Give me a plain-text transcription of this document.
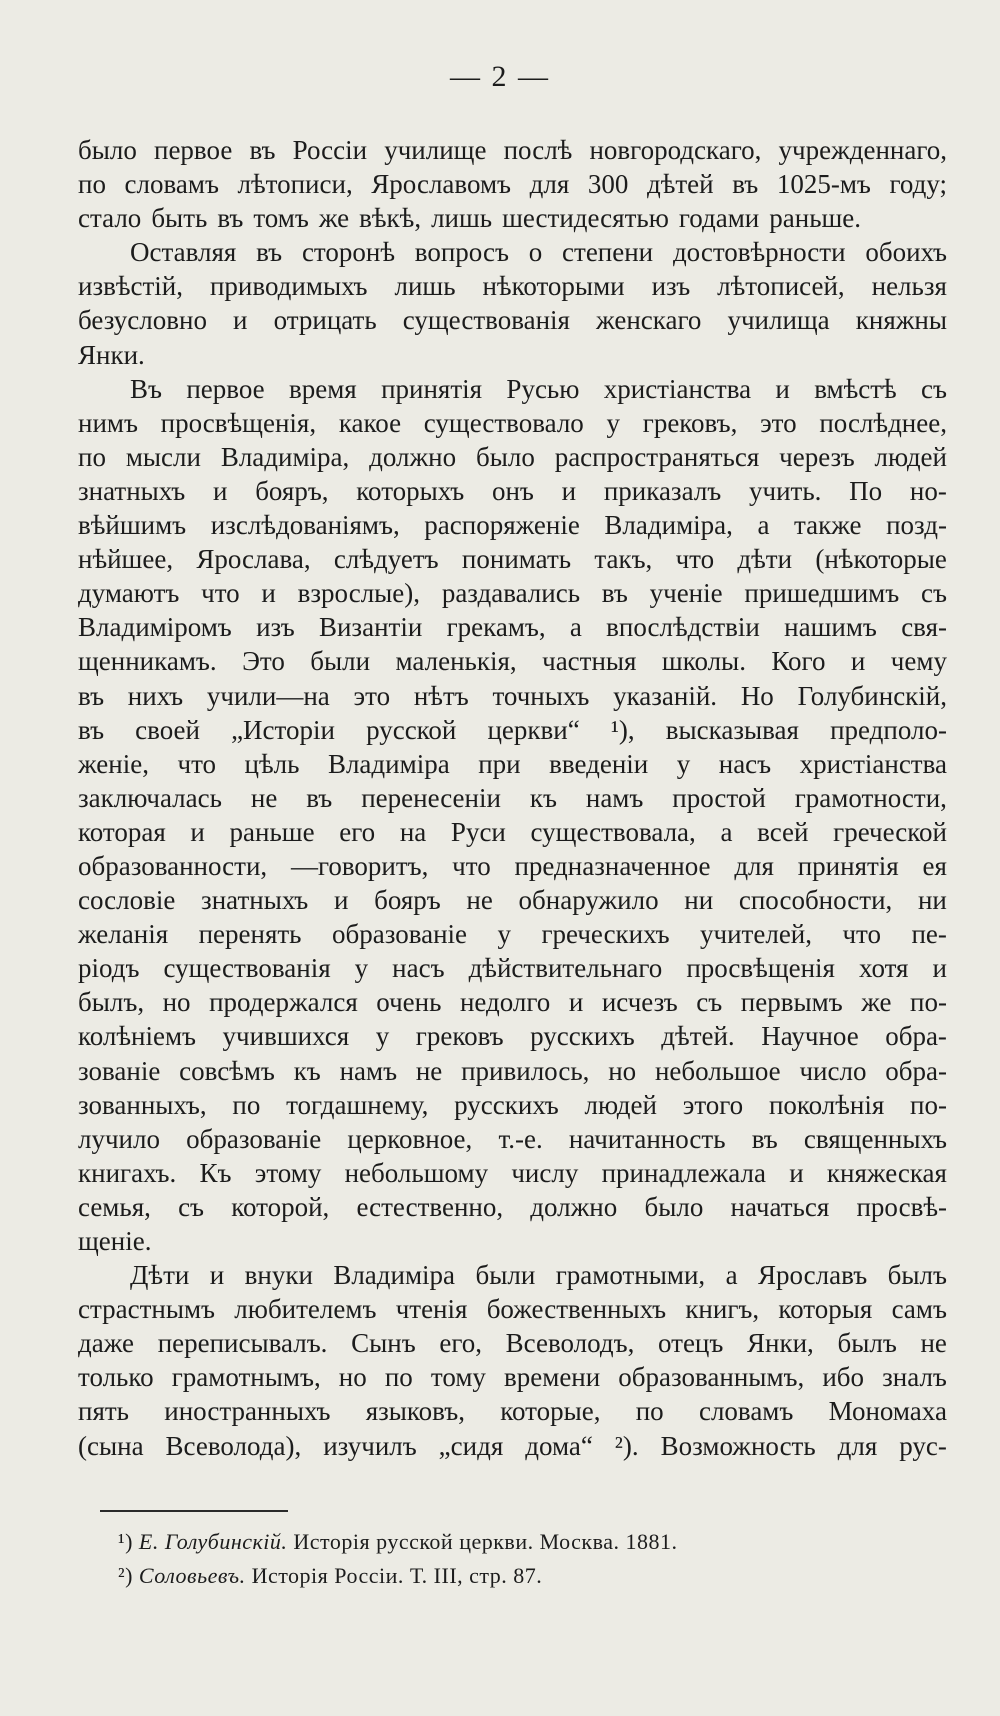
— 2 —
было первое въ Россіи училище послѣ новгородскаго, учрежденнаго,
по словамъ лѣтописи, Ярославомъ для 300 дѣтей въ 1025-мъ году;
стало быть въ томъ же вѣкѣ, лишь шестидесятью годами раньше.
Оставляя въ сторонѣ вопросъ о степени достовѣрности обоихъ
извѣстій, приводимыхъ лишь нѣкоторыми изъ лѣтописей, нельзя
безусловно и отрицать существованія женскаго училища княжны
Янки.
Въ первое время принятія Русью христіанства и вмѣстѣ съ
нимъ просвѣщенія, какое существовало у грековъ, это послѣднее,
по мысли Владиміра, должно было распространяться черезъ людей
знатныхъ и бояръ, которыхъ онъ и приказалъ учить. По но-
вѣйшимъ изслѣдованіямъ, распоряженіе Владиміра, а также позд-
нѣйшее, Ярослава, слѣдуетъ понимать такъ, что дѣти (нѣкоторые
думаютъ что и взрослые), раздавались въ ученіе пришедшимъ съ
Владиміромъ изъ Византіи грекамъ, а впослѣдствіи нашимъ свя-
щенникамъ. Это были маленькія, частныя школы. Кого и чему
въ нихъ учили—на это нѣтъ точныхъ указаній. Но Голубинскій,
въ своей „Исторіи русской церкви“ ¹), высказывая предполо-
женіе, что цѣль Владиміра при введеніи у насъ христіанства
заключалась не въ перенесеніи къ намъ простой грамотности,
которая и раньше его на Руси существовала, а всей греческой
образованности, —говоритъ, что предназначенное для принятія ея
сословіе знатныхъ и бояръ не обнаружило ни способности, ни
желанія перенять образованіе у греческихъ учителей, что пе-
ріодъ существованія у насъ дѣйствительнаго просвѣщенія хотя и
былъ, но продержался очень недолго и исчезъ съ первымъ же по-
колѣніемъ учившихся у грековъ русскихъ дѣтей. Научное обра-
зованіе совсѣмъ къ намъ не привилось, но небольшое число обра-
зованныхъ, по тогдашнему, русскихъ людей этого поколѣнія по-
лучило образованіе церковное, т.-е. начитанность въ священныхъ
книгахъ. Къ этому небольшому числу принадлежала и княжеская
семья, съ которой, естественно, должно было начаться просвѣ-
щеніе.
Дѣти и внуки Владиміра были грамотными, а Ярославъ былъ
страстнымъ любителемъ чтенія божественныхъ книгъ, которыя самъ
даже переписывалъ. Сынъ его, Всеволодъ, отецъ Янки, былъ не
только грамотнымъ, но по тому времени образованнымъ, ибо зналъ
пять иностранныхъ языковъ, которые, по словамъ Мономаха
(сына Всеволода), изучилъ „сидя дома“ ²). Возможность для рус-
¹) Е. Голубинскій. Исторія русской церкви. Москва. 1881.
²) Соловьевъ. Исторія Россіи. Т. III, стр. 87.
